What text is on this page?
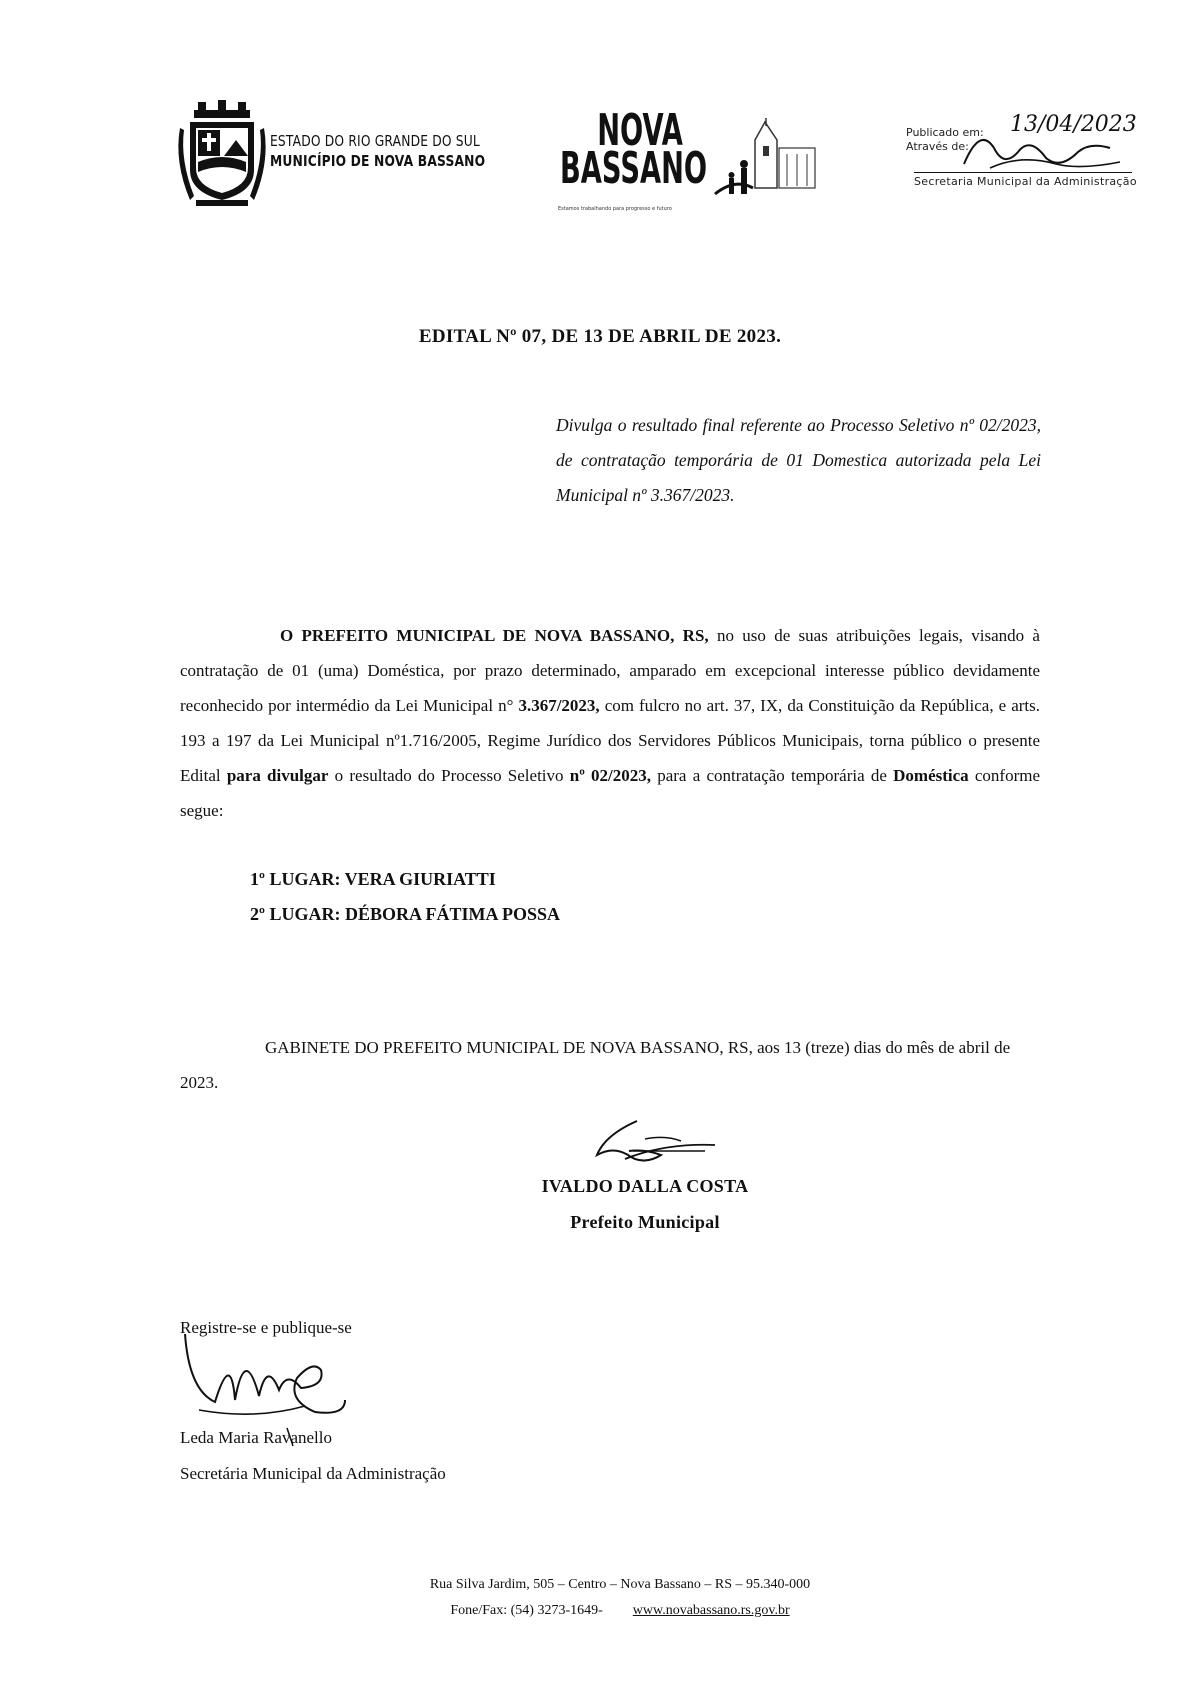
ESTADO DO RIO GRANDE DO SUL
MUNICÍPIO DE NOVA BASSANO
NOVA
BASSANO
Estamos trabalhando para progresso e futuro
Publicado em:
Através de:
13/04/2023
Secretaria Municipal da Administração
EDITAL Nº 07, DE 13 DE ABRIL DE 2023.
Divulga o resultado final referente ao Processo Seletivo nº 02/2023, de contratação temporária de 01 Domestica autorizada pela Lei Municipal nº 3.367/2023.
O PREFEITO MUNICIPAL DE NOVA BASSANO, RS, no uso de suas atribuições legais, visando à contratação de 01 (uma) Doméstica, por prazo determinado, amparado em excepcional interesse público devidamente reconhecido por intermédio da Lei Municipal n° 3.367/2023, com fulcro no art. 37, IX, da Constituição da República, e arts. 193 a 197 da Lei Municipal nº1.716/2005, Regime Jurídico dos Servidores Públicos Municipais, torna público o presente Edital para divulgar o resultado do Processo Seletivo nº 02/2023, para a contratação temporária de Doméstica conforme segue:
1º LUGAR: VERA GIURIATTI
2º LUGAR: DÉBORA FÁTIMA POSSA
GABINETE DO PREFEITO MUNICIPAL DE NOVA BASSANO, RS, aos 13 (treze) dias do mês de abril de 2023.
IVALDO DALLA COSTA
Prefeito Municipal
Registre-se e publique-se
Leda Maria Ravanello
Secretária Municipal da Administração
Rua Silva Jardim, 505 – Centro – Nova Bassano – RS – 95.340-000
Fone/Fax: (54) 3273-1649- www.novabassano.rs.gov.br
